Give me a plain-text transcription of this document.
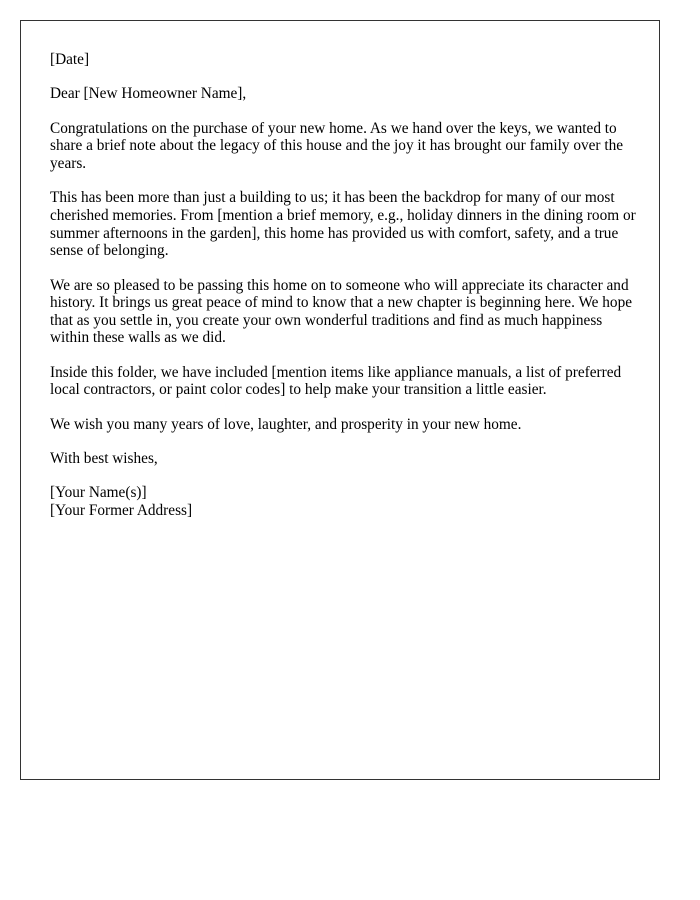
[Date]

Dear [New Homeowner Name],

Congratulations on the purchase of your new home. As we hand over the keys, we wanted to share a brief note about the legacy of this house and the joy it has brought our family over the years.

This has been more than just a building to us; it has been the backdrop for many of our most cherished memories. From [mention a brief memory, e.g., holiday dinners in the dining room or summer afternoons in the garden], this home has provided us with comfort, safety, and a true sense of belonging.

We are so pleased to be passing this home on to someone who will appreciate its character and history. It brings us great peace of mind to know that a new chapter is beginning here. We hope that as you settle in, you create your own wonderful traditions and find as much happiness within these walls as we did.

Inside this folder, we have included [mention items like appliance manuals, a list of preferred local contractors, or paint color codes] to help make your transition a little easier.

We wish you many years of love, laughter, and prosperity in your new home.

With best wishes,

[Your Name(s)]
[Your Former Address]
